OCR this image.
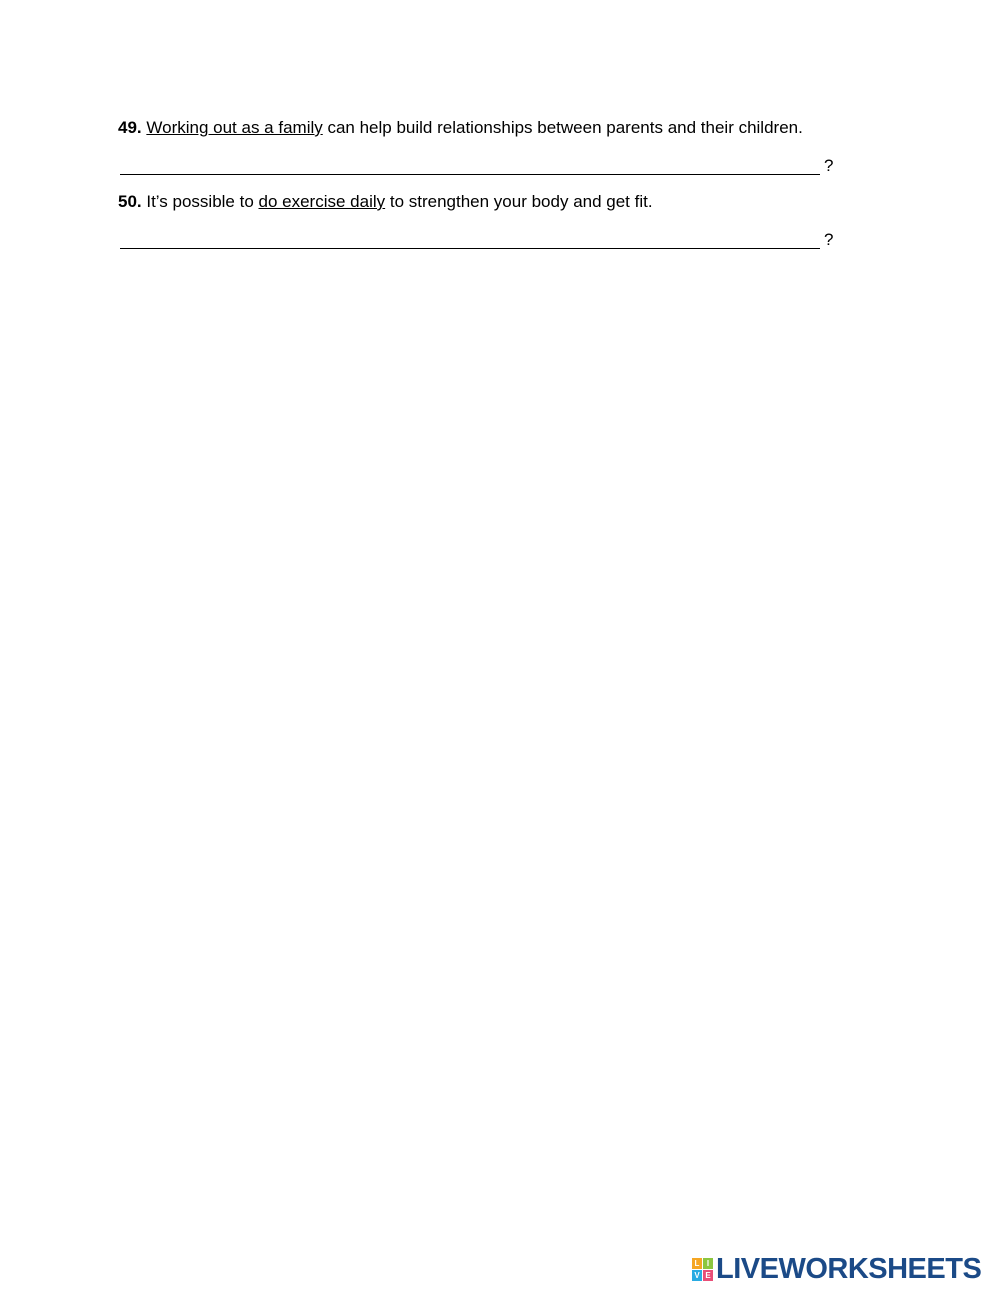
49. Working out as a family can help build relationships between parents and their children.
?
50. It’s possible to do exercise daily to strengthen your body and get fit.
?
L I
V E LIVEWORKSHEETS
